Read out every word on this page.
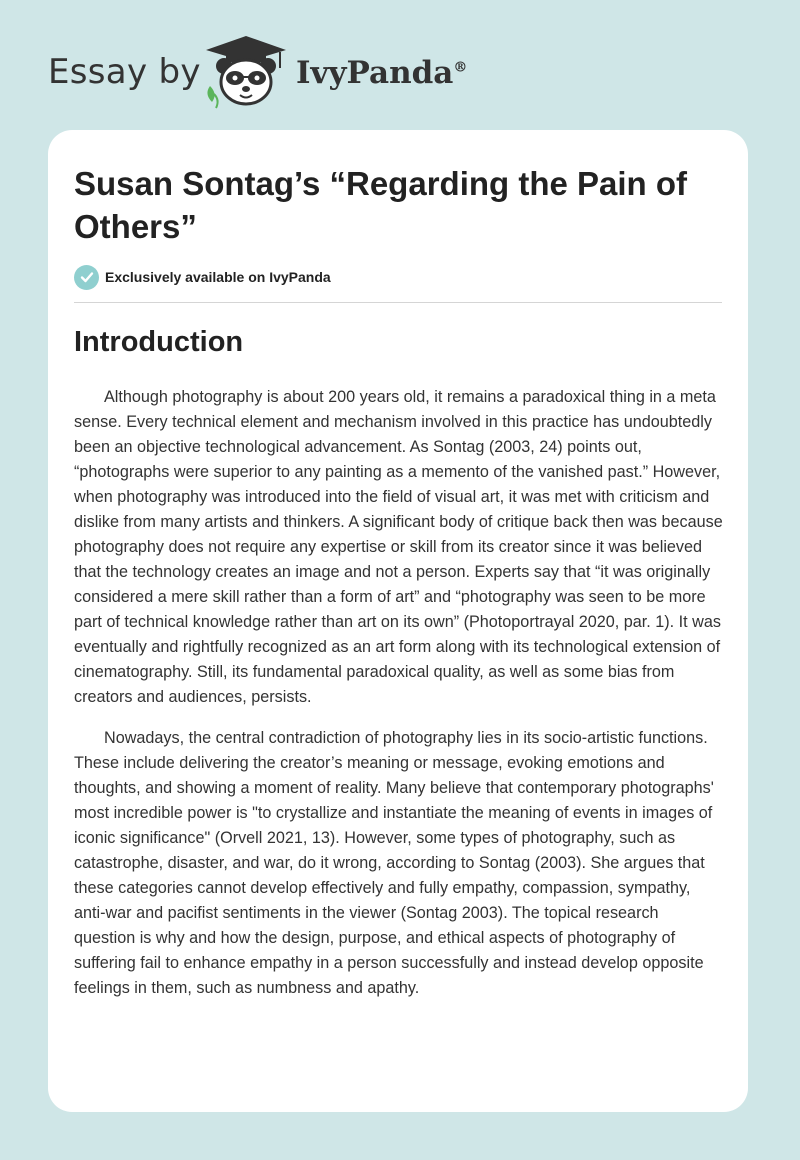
Essay by	IvyPanda®
Susan Sontag’s “Regarding the Pain of Others”
Exclusively available on IvyPanda
Introduction

Although photography is about 200 years old, it remains a paradoxical thing in a meta sense. Every technical element and mechanism involved in this practice has undoubtedly been an objective technological advancement. As Sontag (2003, 24) points out, “photographs were superior to any painting as a memento of the vanished past.” However, when photography was introduced into the field of visual art, it was met with criticism and dislike from many artists and thinkers. A significant body of critique back then was because photography does not require any expertise or skill from its creator since it was believed that the technology creates an image and not a person. Experts say that “it was originally considered a mere skill rather than a form of art” and “photography was seen to be more part of technical knowledge rather than art on its own” (Photoportrayal 2020, par. 1). It was eventually and rightfully recognized as an art form along with its technological extension of cinematography. Still, its fundamental paradoxical quality, as well as some bias from creators and audiences, persists.

Nowadays, the central contradiction of photography lies in its socio-artistic functions. These include delivering the creator’s meaning or message, evoking emotions and thoughts, and showing a moment of reality. Many believe that contemporary photographs' most incredible power is "to crystallize and instantiate the meaning of events in images of iconic significance" (Orvell 2021, 13). However, some types of photography, such as catastrophe, disaster, and war, do it wrong, according to Sontag (2003). She argues that these categories cannot develop effectively and fully empathy, compassion, sympathy, anti-war and pacifist sentiments in the viewer (Sontag 2003). The topical research question is why and how the design, purpose, and ethical aspects of photography of suffering fail to enhance empathy in a person successfully and instead develop opposite feelings in them, such as numbness and apathy.
